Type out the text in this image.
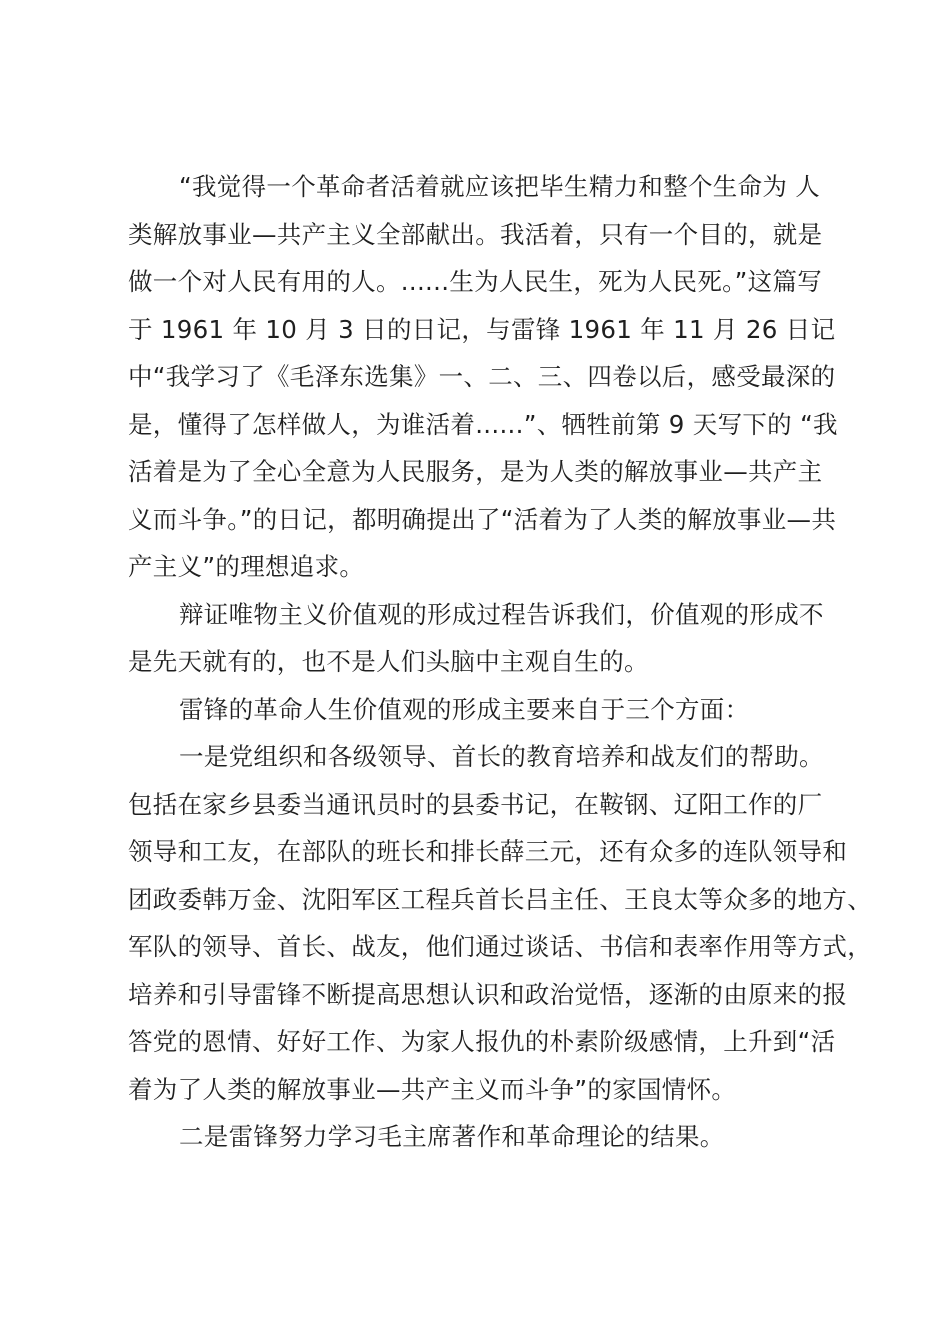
“我觉得一个革命者活着就应该把毕生精力和整个生命为 人
类解放事业—共产主义全部献出。我活着，只有一个目的，就是
做一个对人民有用的人。......生为人民生，死为人民死。”这篇写
于 1961 年 10 月 3 日的日记，与雷锋 1961 年 11 月 26 日记
中“我学习了《毛泽东选集》一、二、三、四卷以后，感受最深的
是，懂得了怎样做人，为谁活着......”、牺牲前第 9 天写下的 “我
活着是为了全心全意为人民服务，是为人类的解放事业—共产主
义而斗争。”的日记，都明确提出了“活着为了人类的解放事业—共
产主义”的理想追求。
辩证唯物主义价值观的形成过程告诉我们，价值观的形成不
是先天就有的，也不是人们头脑中主观自生的。
雷锋的革命人生价值观的形成主要来自于三个方面：
一是党组织和各级领导、首长的教育培养和战友们的帮助。
包括在家乡县委当通讯员时的县委书记，在鞍钢、辽阳工作的厂
领导和工友，在部队的班长和排长薛三元，还有众多的连队领导和
团政委韩万金、沈阳军区工程兵首长吕主任、王良太等众多的地方、
军队的领导、首长、战友，他们通过谈话、书信和表率作用等方式，
培养和引导雷锋不断提高思想认识和政治觉悟，逐渐的由原来的报
答党的恩情、好好工作、为家人报仇的朴素阶级感情，上升到“活
着为了人类的解放事业—共产主义而斗争”的家国情怀。
二是雷锋努力学习毛主席著作和革命理论的结果。
